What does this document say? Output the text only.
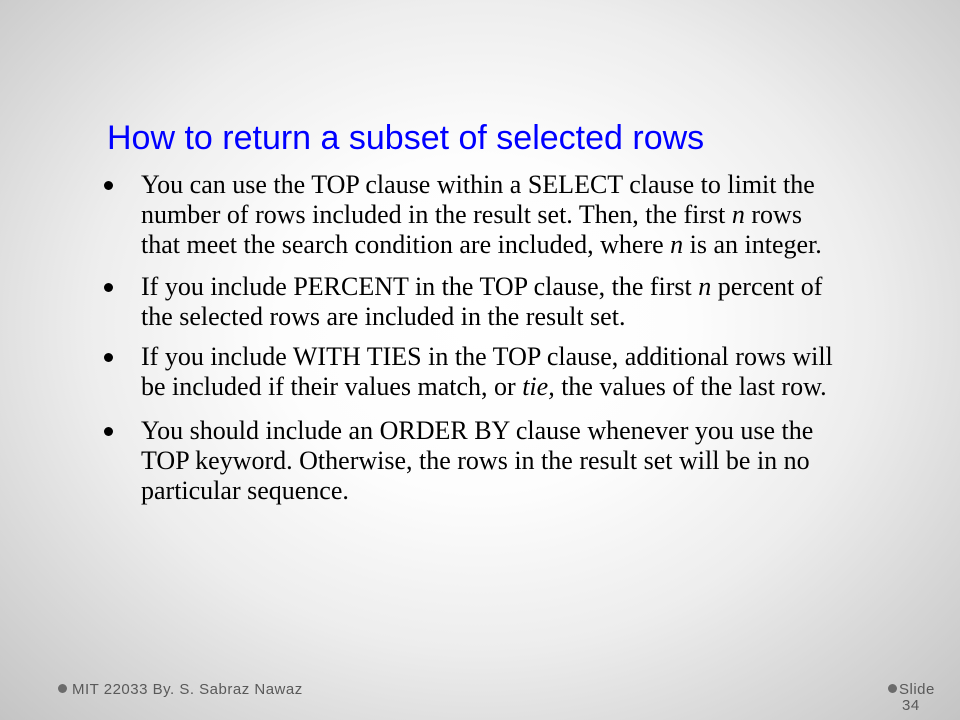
How to return a subset of selected rows
You can use the TOP clause within a SELECT clause to limit the
number of rows included in the result set. Then, the first n rows
that meet the search condition are included, where n is an integer.
If you include PERCENT in the TOP clause, the first n percent of
the selected rows are included in the result set.
If you include WITH TIES in the TOP clause, additional rows will
be included if their values match, or tie, the values of the last row.
You should include an ORDER BY clause whenever you use the
TOP keyword. Otherwise, the rows in the result set will be in no
particular sequence.
MIT 22033 By. S. Sabraz Nawaz	Slide
34
